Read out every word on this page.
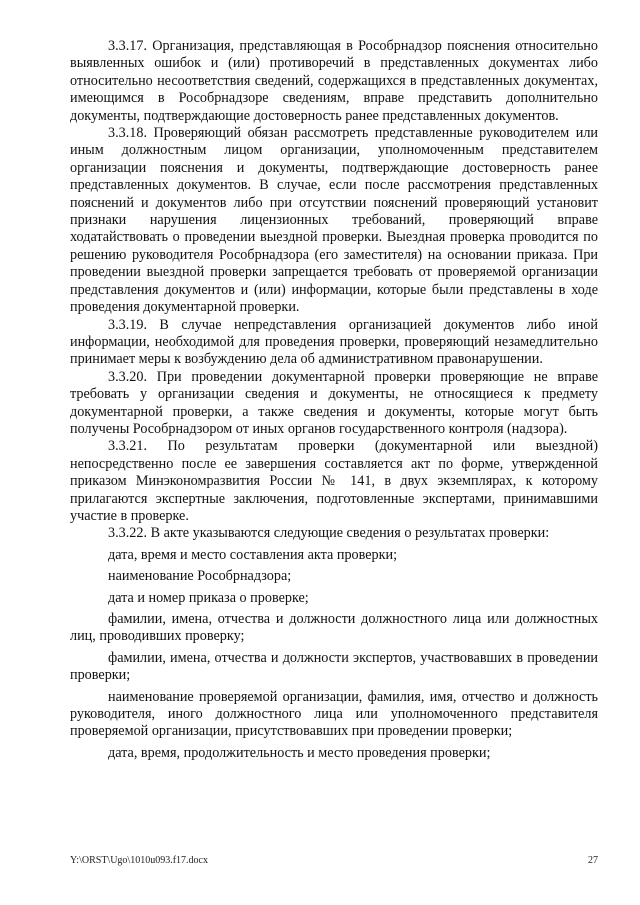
3.3.17. Организация, представляющая в Рособрнадзор пояснения относительно выявленных ошибок и (или) противоречий в представленных документах либо относительно несоответствия сведений, содержащихся в представленных документах, имеющимся в Рособрнадзоре сведениям, вправе представить дополнительно документы, подтверждающие достоверность ранее представленных документов.

3.3.18. Проверяющий обязан рассмотреть представленные руководителем или иным должностным лицом организации, уполномоченным представителем организации пояснения и документы, подтверждающие достоверность ранее представленных документов. В случае, если после рассмотрения представленных пояснений и документов либо при отсутствии пояснений проверяющий установит признаки нарушения лицензионных требований, проверяющий вправе ходатайствовать о проведении выездной проверки. Выездная проверка проводится по решению руководителя Рособрнадзора (его заместителя) на основании приказа. При проведении выездной проверки запрещается требовать от проверяемой организации представления документов и (или) информации, которые были представлены в ходе проведения документарной проверки.

3.3.19. В случае непредставления организацией документов либо иной информации, необходимой для проведения проверки, проверяющий незамедлительно принимает меры к возбуждению дела об административном правонарушении.

3.3.20. При проведении документарной проверки проверяющие не вправе требовать у организации сведения и документы, не относящиеся к предмету документарной проверки, а также сведения и документы, которые могут быть получены Рособрнадзором от иных органов государственного контроля (надзора).

3.3.21. По результатам проверки (документарной или выездной) непосредственно после ее завершения составляется акт по форме, утвержденной приказом Минэкономразвития России № 141, в двух экземплярах, к которому прилагаются экспертные заключения, подготовленные экспертами, принимавшими участие в проверке.

3.3.22. В акте указываются следующие сведения о результатах проверки:

дата, время и место составления акта проверки;

наименование Рособрнадзора;

дата и номер приказа о проверке;

фамилии, имена, отчества и должности должностного лица или должностных лиц, проводивших проверку;

фамилии, имена, отчества и должности экспертов, участвовавших в проведении проверки;

наименование проверяемой организации, фамилия, имя, отчество и должность руководителя, иного должностного лица или уполномоченного представителя проверяемой организации, присутствовавших при проведении проверки;

дата, время, продолжительность и место проведения проверки;

Y:\ORST\Ugo\1010u093.f17.docx	27
